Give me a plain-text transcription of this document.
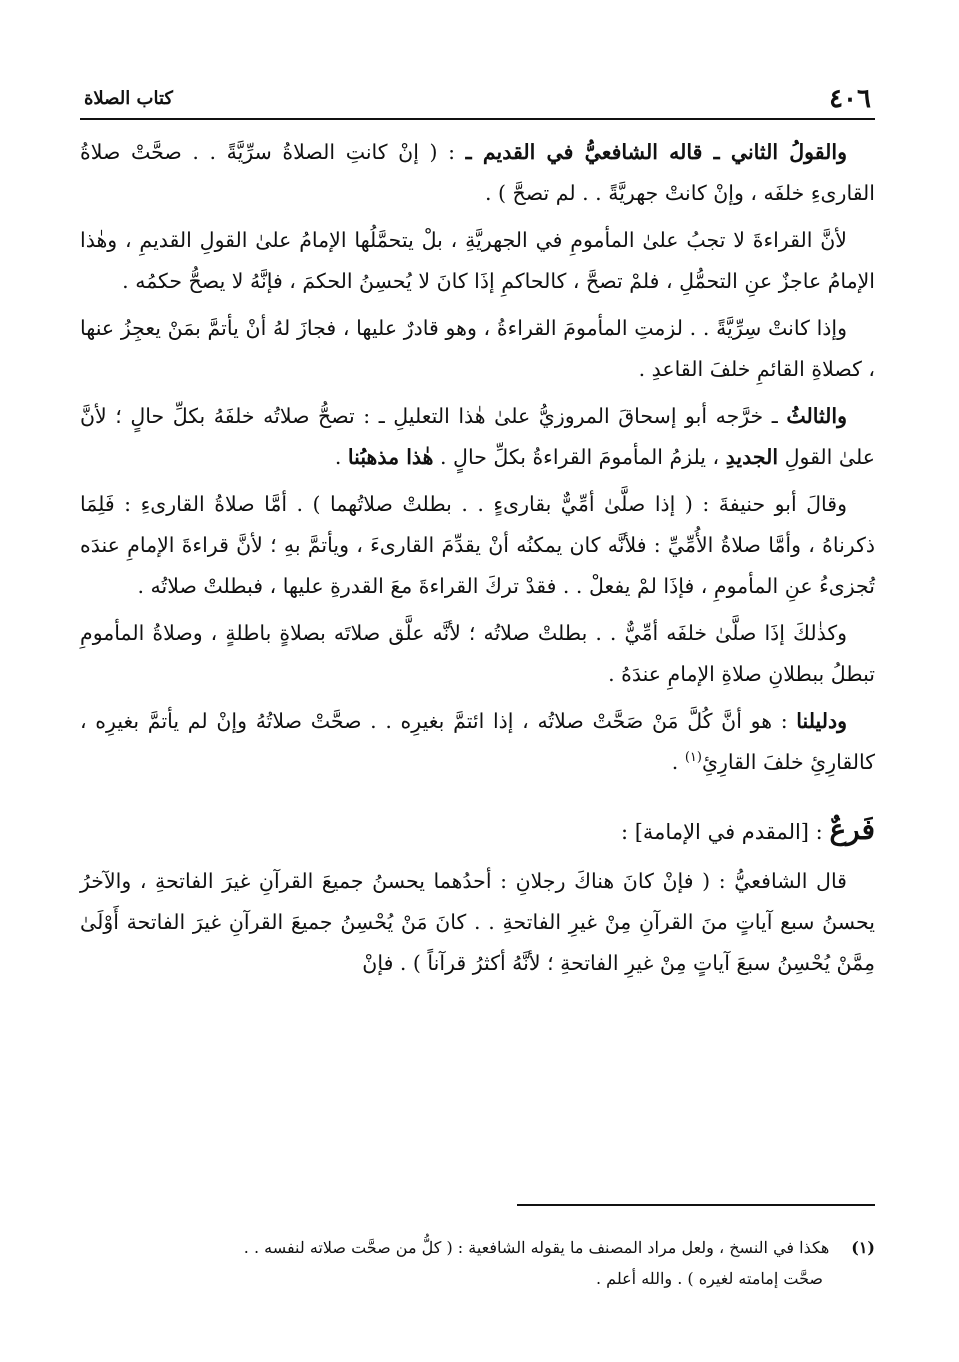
٤٠٦
كتاب الصلاة

والقولُ الثاني ـ قاله الشافعيُّ في القديم ـ : ( إنْ كانتِ الصلاةُ سرِّيَّةً . . صحَّتْ صلاةُ القارىءِ خلفَه ، وإنْ كانتْ جهريَّةً . . لم تصحَّ ) .

لأنَّ القراءةَ لا تجبُ علىٰ المأمومِ في الجهريَّةِ ، بلْ يتحمَّلُها الإمامُ علىٰ القولِ القديمِ ، وهٰذا الإمامُ عاجزٌ عنِ التحمُّلِ ، فلمْ تصحَّ ، كالحاكمِ إذَا كانَ لا يُحسِنُ الحكمَ ، فإنَّهُ لا يصحُّ حكمُه .

وإذا كانتْ سِرِّيَّةً . . لزمتِ المأمومَ القراءةُ ، وهو قادرٌ عليها ، فجازَ لهُ أنْ يأتمَّ بمَنْ يعجِزُ عنها ، كصلاةِ القائمِ خلفَ القاعدِ .

والثالثُ ـ خرَّجه أبو إسحاقَ المروزيُّ علىٰ هٰذا التعليلِ ـ : تصحُّ صلاتُه خلفَهُ بكلِّ حالٍ ؛ لأنَّ علىٰ القولِ الجديدِ ، يلزمُ المأمومَ القراءةُ بكلِّ حالٍ . هٰذا مذهبُنا .

وقالَ أبو حنيفةَ : ( إذا صلَّىٰ أمِّيٌّ بقارىءٍ . . بطلتْ صلاتُهما ) . أمَّا صلاةُ القارىءِ : فَلِمَا ذكرناهُ ، وأمَّا صلاةُ الأُمِّيِّ : فلأنَّه كان يمكنُه أنْ يقدِّمَ القارىءَ ، ويأتمَّ بهِ ؛ لأنَّ قراءةَ الإمامِ عندَه تُجزىءُ عنِ المأمومِ ، فإذَا لمْ يفعلْ . . فقدْ تركَ القراءةَ معَ القدرةِ عليها ، فبطلتْ صلاتُه .

وكذٰلكَ إذَا صلَّىٰ خلفَه أمِّيٌّ . . بطلتْ صلاتُه ؛ لأنَّه علَّق صلاتَه بصلاةٍ باطلةٍ ، وصلاةُ المأمومِ تبطلُ ببطلانِ صلاةِ الإمامِ عندَهُ .

ودليلنا : هو أنَّ كُلَّ مَنْ صَحَّتْ صلاتُه ، إذا ائتمَّ بغيرِه . . صحَّتْ صلاتُهُ وإنْ لم يأتمَّ بغيرِه ، كالقارِئِ خلفَ القارِئِ$^{(١)}$ .

فَرعٌ : [المقدم في الإمامة] :

قال الشافعيُّ : ( فإنْ كانَ هناكَ رجلانِ : أحدُهما يحسنُ جميعَ القرآنِ غيرَ الفاتحةِ ، والآخرُ يحسنُ سبع آياتٍ منَ القرآنِ مِنْ غيرِ الفاتحةِ . . كانَ مَنْ يُحْسِنُ جميعَ القرآنِ غيرَ الفاتحة أَوْلَىٰ مِمَّنْ يُحْسِنُ سبعَ آياتٍ مِنْ غيرِ الفاتحةِ ؛ لأنَّهُ أكثرُ قرآناً ) . فإنْ

(١)هكذا في النسخ ، ولعل مراد المصنف ما يقوله الشافعية : ( كلُّ من صحَّت صلاته لنفسه . .
صحَّت إمامته لغيره ) . والله أعلم .
